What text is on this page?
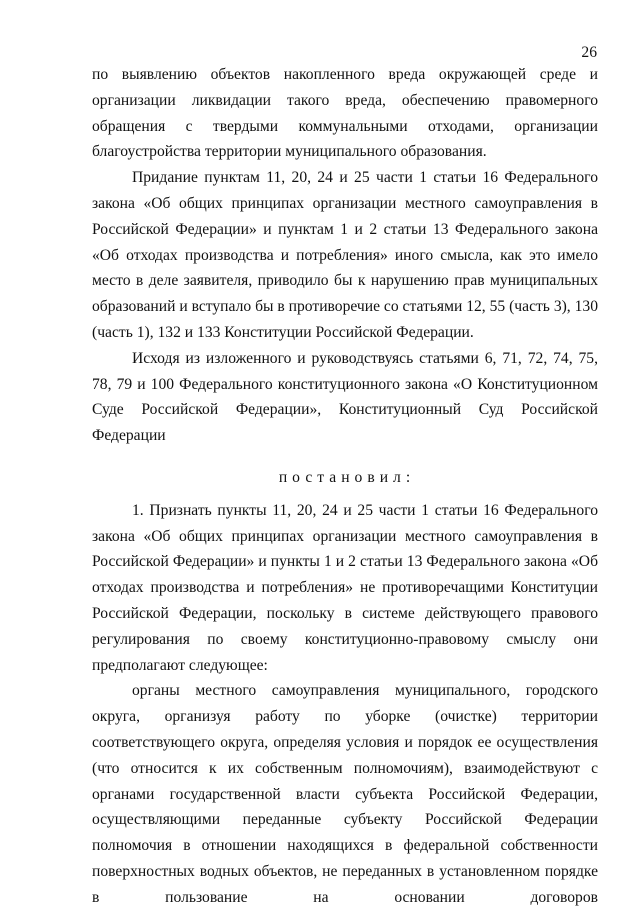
26
по выявлению объектов накопленного вреда окружающей среде и организации ликвидации такого вреда, обеспечению правомерного обращения с твердыми коммунальными отходами, организации благоустройства территории муниципального образования.
Придание пунктам 11, 20, 24 и 25 части 1 статьи 16 Федерального закона «Об общих принципах организации местного самоуправления в Российской Федерации» и пунктам 1 и 2 статьи 13 Федерального закона «Об отходах производства и потребления» иного смысла, как это имело место в деле заявителя, приводило бы к нарушению прав муниципальных образований и вступало бы в противоречие со статьями 12, 55 (часть 3), 130 (часть 1), 132 и 133 Конституции Российской Федерации.
Исходя из изложенного и руководствуясь статьями 6, 71, 72, 74, 75, 78, 79 и 100 Федерального конституционного закона «О Конституционном Суде Российской Федерации», Конституционный Суд Российской Федерации
постановил:
1. Признать пункты 11, 20, 24 и 25 части 1 статьи 16 Федерального закона «Об общих принципах организации местного самоуправления в Российской Федерации» и пункты 1 и 2 статьи 13 Федерального закона «Об отходах производства и потребления» не противоречащими Конституции Российской Федерации, поскольку в системе действующего правового регулирования по своему конституционно-правовому смыслу они предполагают следующее:
органы местного самоуправления муниципального, городского округа, организуя работу по уборке (очистке) территории соответствующего округа, определяя условия и порядок ее осуществления (что относится к их собственным полномочиям), взаимодействуют с органами государственной власти субъекта Российской Федерации, осуществляющими переданные субъекту Российской Федерации полномочия в отношении находящихся в федеральной собственности поверхностных водных объектов, не переданных в установленном порядке в пользование на основании договоров
